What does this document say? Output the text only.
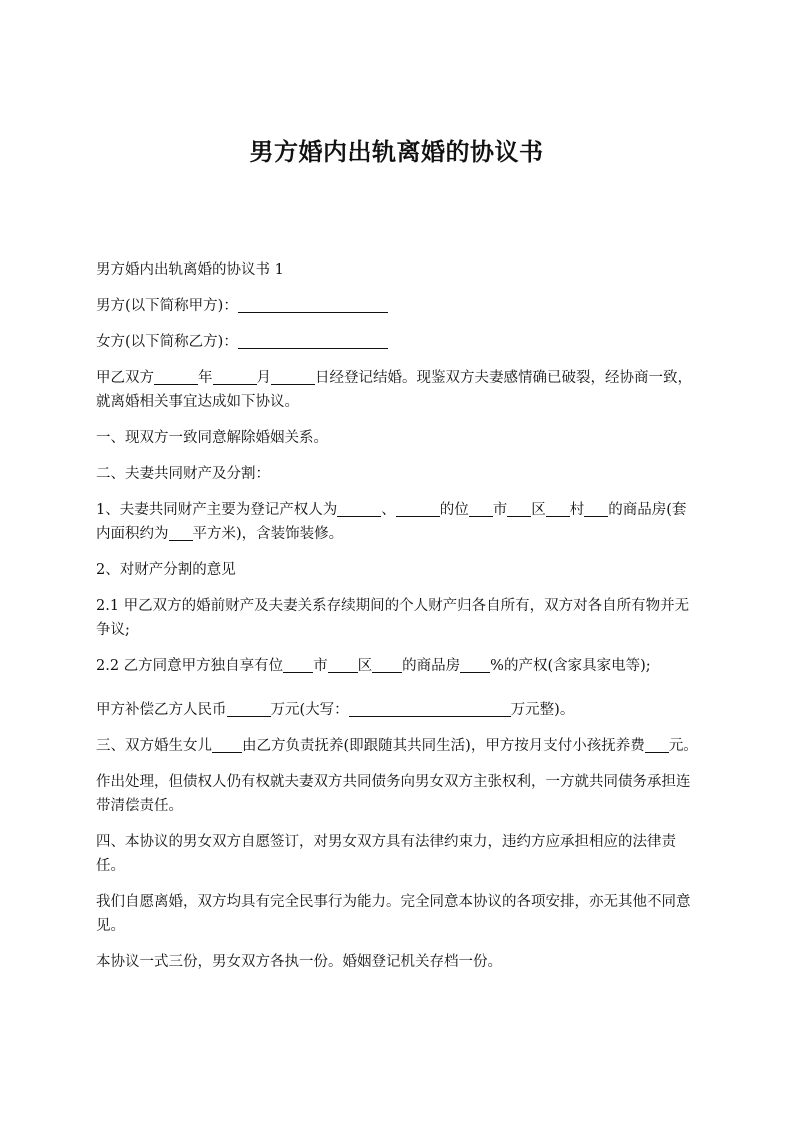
男方婚内出轨离婚的协议书

男方婚内出轨离婚的协议书 1

男方(以下简称甲方)：

女方(以下简称乙方)：

甲乙双方	年	月	日经登记结婚。现鉴双方夫妻感情确已破裂，经协商一致，就离婚相关事宜达成如下协议。

一、现双方一致同意解除婚姻关系。

二、夫妻共同财产及分割：

1、夫妻共同财产主要为登记产权人为	、	的位 市 区 村 的商品房(套内面积约为 平方米)，含装饰装修。

2、对财产分割的意见

2.1 甲乙双方的婚前财产及夫妻关系存续期间的个人财产归各自所有，双方对各自所有物并无争议;

2.2 乙方同意甲方独自享有位 市 区 的商品房 %的产权(含家具家电等);

甲方补偿乙方人民币	万元(大写：	万元整)。

三、双方婚生女儿 由乙方负责抚养(即跟随其共同生活)，甲方按月支付小孩抚养费 元。

作出处理，但债权人仍有权就夫妻双方共同债务向男女双方主张权利，一方就共同债务承担连带清偿责任。

四、本协议的男女双方自愿签订，对男女双方具有法律约束力，违约方应承担相应的法律责任。

我们自愿离婚，双方均具有完全民事行为能力。完全同意本协议的各项安排，亦无其他不同意见。

本协议一式三份，男女双方各执一份。婚姻登记机关存档一份。
